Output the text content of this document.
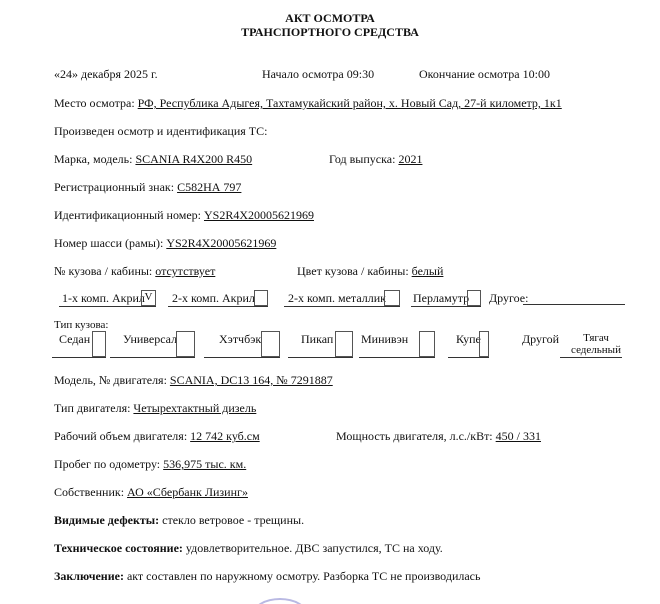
АКТ ОСМОТРА
ТРАНСПОРТНОГО СРЕДСТВА
«24» декабря 2025 г.	Начало осмотра 09:30	Окончание осмотра 10:00
Место осмотра: РФ, Республика Адыгея, Тахтамукайский район, х. Новый Сад, 27-й километр, 1к1
Произведен осмотр и идентификация ТС:
Марка, модель: SCANIA R4X200 R450	Год выпуска: 2021
Регистрационный знак: С582НА 797
Идентификационный номер: YS2R4X20005621969
Номер шасси (рамы): YS2R4X20005621969
№ кузова / кабины: отсутствует	Цвет кузова / кабины: белый
1-х комп. Акрил V 2-х комп. Акрил	2-х комп. металлик Перламутр Другое:
Тип кузова:
Седан	Универсал	Хэтчбэк	Пикап Минивэн	Купе	Другой	Тягач
седельный
Модель, № двигателя: SCANIA, DC13 164, № 7291887
Тип двигателя: Четырехтактный дизель
Рабочий объем двигателя: 12 742 куб.см	Мощность двигателя, л.с./кВт: 450 / 331
Пробег по одометру: 536,975 тыс. км.
Собственник: АО «Сбербанк Лизинг»
Видимые дефекты: стекло ветровое - трещины.
Техническое состояние: удовлетворительное. ДВС запустился, ТС на ходу.
Заключение: акт составлен по наружному осмотру. Разборка ТС не производилась
